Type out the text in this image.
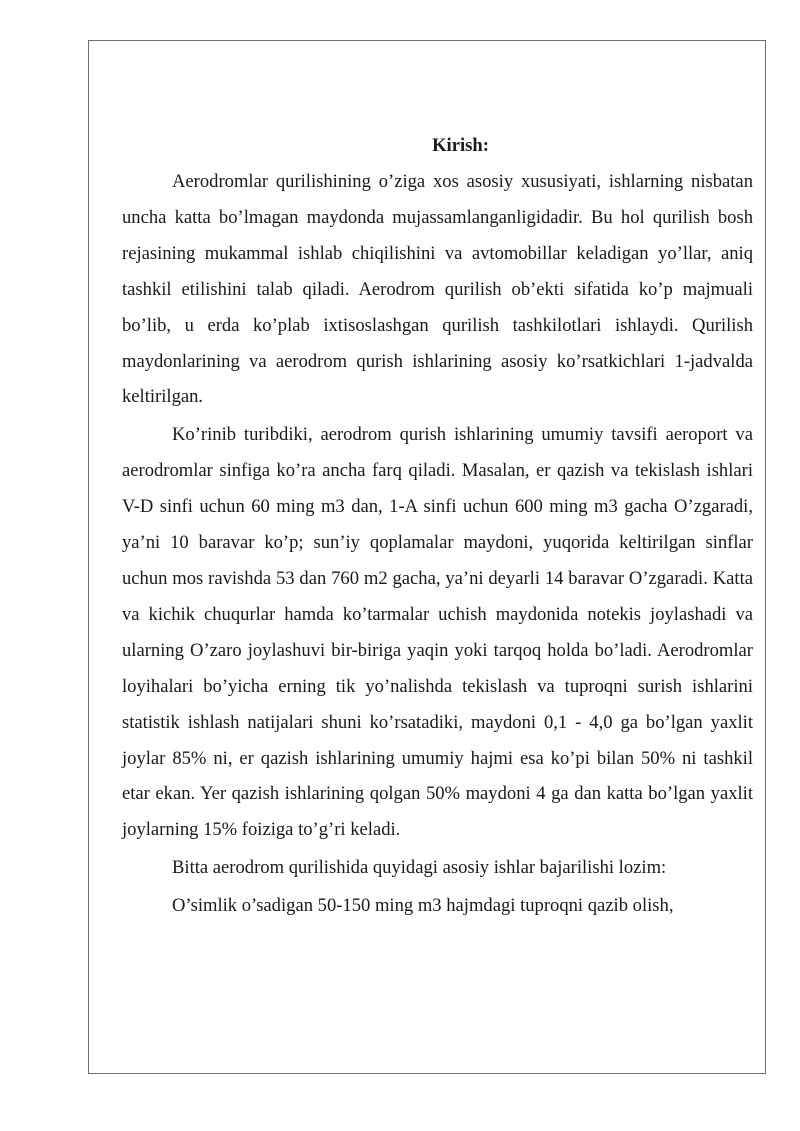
Kirish:

Aerodromlar qurilishining o’ziga xos asosiy xususiyati, ishlarning nisbatan uncha katta bo’lmagan maydonda mujassamlanganligidadir. Bu hol qurilish bosh rejasining mukammal ishlab chiqilishini va avtomobillar keladigan yo’llar, aniq tashkil etilishini talab qiladi. Aerodrom qurilish ob’ekti sifatida ko’p majmuali bo’lib, u erda ko’plab ixtisoslashgan qurilish tashkilotlari ishlaydi. Qurilish maydonlarining va aerodrom qurish ishlarining asosiy ko’rsatkichlari 1-jadvalda keltirilgan.

Ko’rinib turibdiki, aerodrom qurish ishlarining umumiy tavsifi aeroport va aerodromlar sinfiga ko’ra ancha farq qiladi. Masalan, er qazish va tekislash ishlari V-D sinfi uchun 60 ming m3 dan, 1-A sinfi uchun 600 ming m3 gacha O’zgaradi, ya’ni 10 baravar ko’p; sun’iy qoplamalar maydoni, yuqorida keltirilgan sinflar uchun mos ravishda 53 dan 760 m2 gacha, ya’ni deyarli 14 baravar O’zgaradi. Katta va kichik chuqurlar hamda ko’tarmalar uchish maydonida notekis joylashadi va ularning O’zaro joylashuvi bir-biriga yaqin yoki tarqoq holda bo’ladi. Aerodromlar loyihalari bo’yicha erning tik yo’nalishda tekislash va tuproqni surish ishlarini statistik ishlash natijalari shuni ko’rsatadiki, maydoni 0,1 - 4,0 ga bo’lgan yaxlit joylar 85% ni, er qazish ishlarining umumiy hajmi esa ko’pi bilan 50% ni tashkil etar ekan. Yer qazish ishlarining qolgan 50% maydoni 4 ga dan katta bo’lgan yaxlit joylarning 15% foiziga to’g’ri keladi.

Bitta aerodrom qurilishida quyidagi asosiy ishlar bajarilishi lozim:

O’simlik o’sadigan 50-150 ming m3 hajmdagi tuproqni qazib olish,
